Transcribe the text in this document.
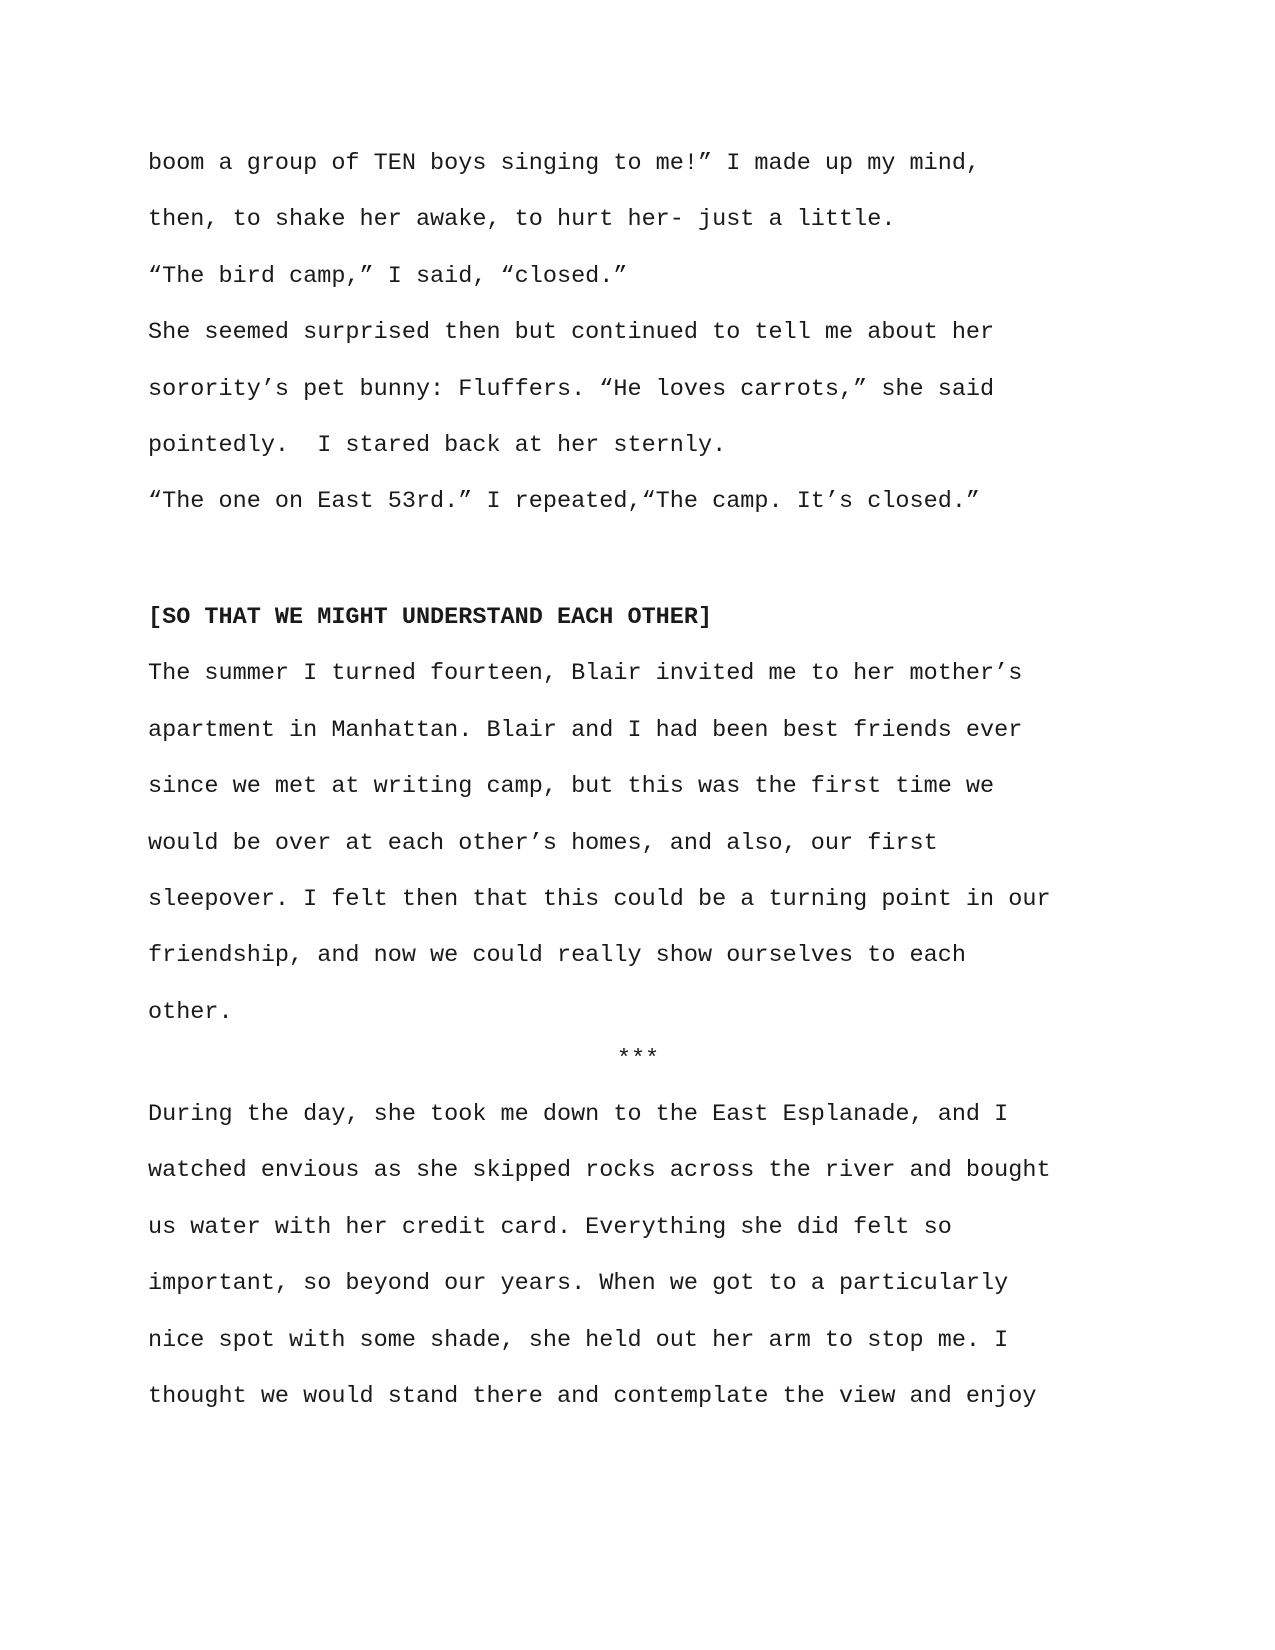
boom a group of TEN boys singing to me!” I made up my mind,
then, to shake her awake, to hurt her- just a little.
“The bird camp,” I said, “closed.”
She seemed surprised then but continued to tell me about her
sorority’s pet bunny: Fluffers. “He loves carrots,” she said
pointedly.  I stared back at her sternly.
“The one on East 53rd.” I repeated,“The camp. It’s closed.”
[SO THAT WE MIGHT UNDERSTAND EACH OTHER]
The summer I turned fourteen, Blair invited me to her mother’s
apartment in Manhattan. Blair and I had been best friends ever
since we met at writing camp, but this was the first time we
would be over at each other’s homes, and also, our first
sleepover. I felt then that this could be a turning point in our
friendship, and now we could really show ourselves to each
other.
***
During the day, she took me down to the East Esplanade, and I
watched envious as she skipped rocks across the river and bought
us water with her credit card. Everything she did felt so
important, so beyond our years. When we got to a particularly
nice spot with some shade, she held out her arm to stop me. I
thought we would stand there and contemplate the view and enjoy
